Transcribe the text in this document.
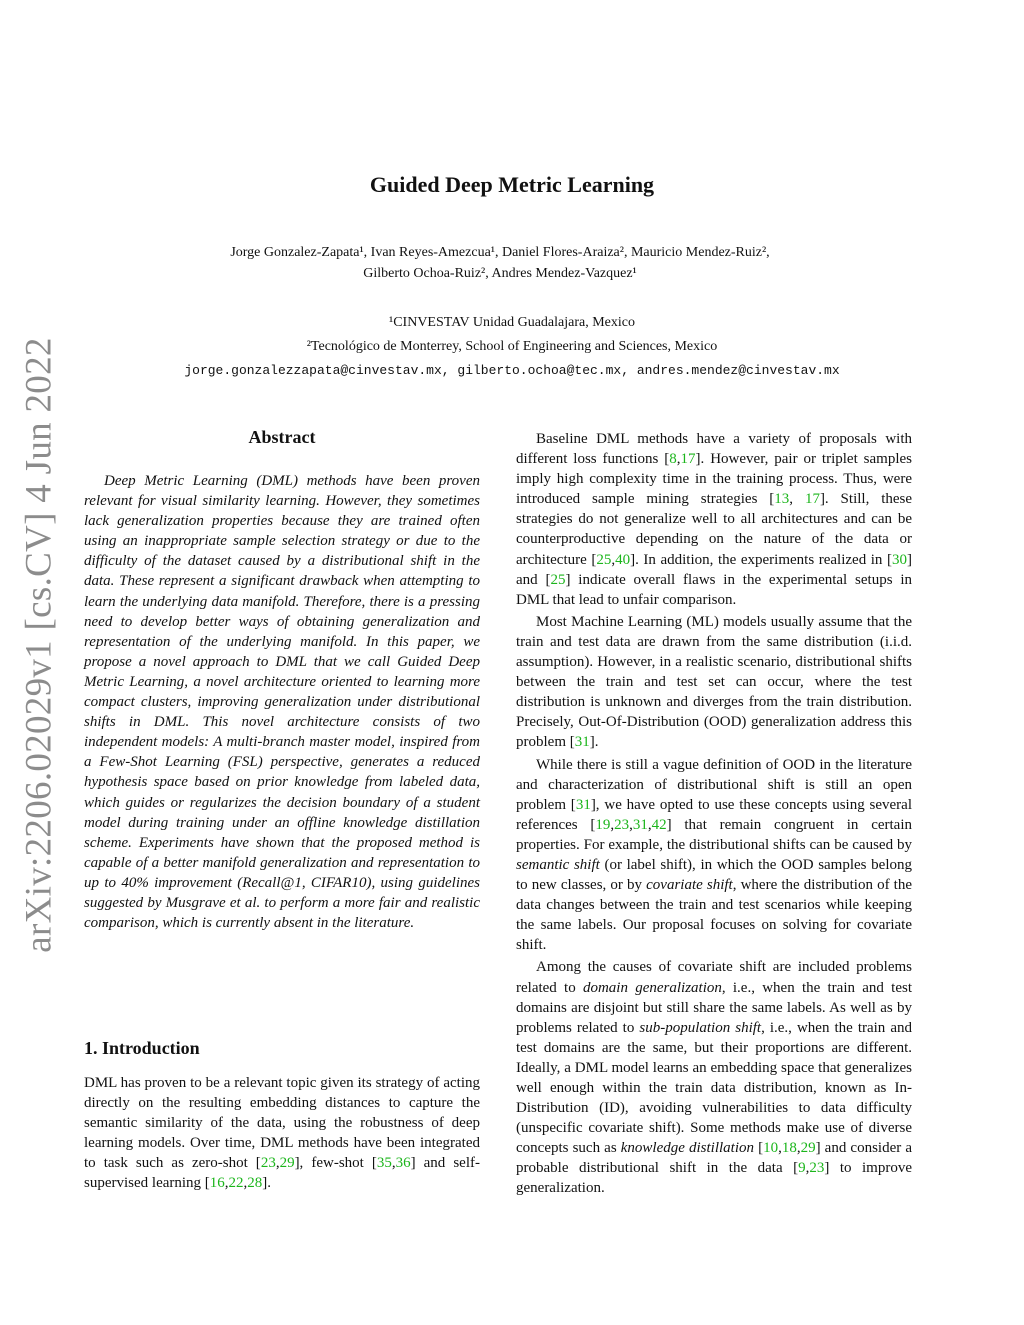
arXiv:2206.02029v1 [cs.CV] 4 Jun 2022
Guided Deep Metric Learning
Jorge Gonzalez-Zapata¹, Ivan Reyes-Amezcua¹, Daniel Flores-Araiza², Mauricio Mendez-Ruiz²,
Gilberto Ochoa-Ruiz², Andres Mendez-Vazquez¹
¹CINVESTAV Unidad Guadalajara, Mexico
²Tecnológico de Monterrey, School of Engineering and Sciences, Mexico
jorge.gonzalezzapata@cinvestav.mx, gilberto.ochoa@tec.mx, andres.mendez@cinvestav.mx
Abstract

Deep Metric Learning (DML) methods have been proven relevant for visual similarity learning. However, they sometimes lack generalization properties because they are trained often using an inappropriate sample selection strategy or due to the difficulty of the dataset caused by a distributional shift in the data. These represent a significant drawback when attempting to learn the underlying data manifold. Therefore, there is a pressing need to develop better ways of obtaining generalization and representation of the underlying manifold. In this paper, we propose a novel approach to DML that we call Guided Deep Metric Learning, a novel architecture oriented to learning more compact clusters, improving generalization under distributional shifts in DML. This novel architecture consists of two independent models: A multi-branch master model, inspired from a Few-Shot Learning (FSL) perspective, generates a reduced hypothesis space based on prior knowledge from labeled data, which guides or regularizes the decision boundary of a student model during training under an offline knowledge distillation scheme. Experiments have shown that the proposed method is capable of a better manifold generalization and representation to up to 40% improvement (Recall@1, CIFAR10), using guidelines suggested by Musgrave et al. to perform a more fair and realistic comparison, which is currently absent in the literature.

1. Introduction

DML has proven to be a relevant topic given its strategy of acting directly on the resulting embedding distances to capture the semantic similarity of the data, using the robustness of deep learning models. Over time, DML methods have been integrated to task such as zero-shot [23,29], few-shot [35,36] and self-supervised learning [16,22,28].

Baseline DML methods have a variety of proposals with different loss functions [8,17]. However, pair or triplet samples imply high complexity time in the training process. Thus, were introduced sample mining strategies [13, 17]. Still, these strategies do not generalize well to all architectures and can be counterproductive depending on the nature of the data or architecture [25,40]. In addition, the experiments realized in [30] and [25] indicate overall flaws in the experimental setups in DML that lead to unfair comparison.

Most Machine Learning (ML) models usually assume that the train and test data are drawn from the same distribution (i.i.d. assumption). However, in a realistic scenario, distributional shifts between the train and test set can occur, where the test distribution is unknown and diverges from the train distribution. Precisely, Out-Of-Distribution (OOD) generalization address this problem [31].

While there is still a vague definition of OOD in the literature and characterization of distributional shift is still an open problem [31], we have opted to use these concepts using several references [19,23,31,42] that remain congruent in certain properties. For example, the distributional shifts can be caused by semantic shift (or label shift), in which the OOD samples belong to new classes, or by covariate shift, where the distribution of the data changes between the train and test scenarios while keeping the same labels. Our proposal focuses on solving for covariate shift.

Among the causes of covariate shift are included problems related to domain generalization, i.e., when the train and test domains are disjoint but still share the same labels. As well as by problems related to sub-population shift, i.e., when the train and test domains are the same, but their proportions are different. Ideally, a DML model learns an embedding space that generalizes well enough within the train data distribution, known as In-Distribution (ID), avoiding vulnerabilities to data difficulty (unspecific covariate shift). Some methods make use of diverse concepts such as knowledge distillation [10,18,29] and consider a probable distributional shift in the data [9,23] to improve generalization.
